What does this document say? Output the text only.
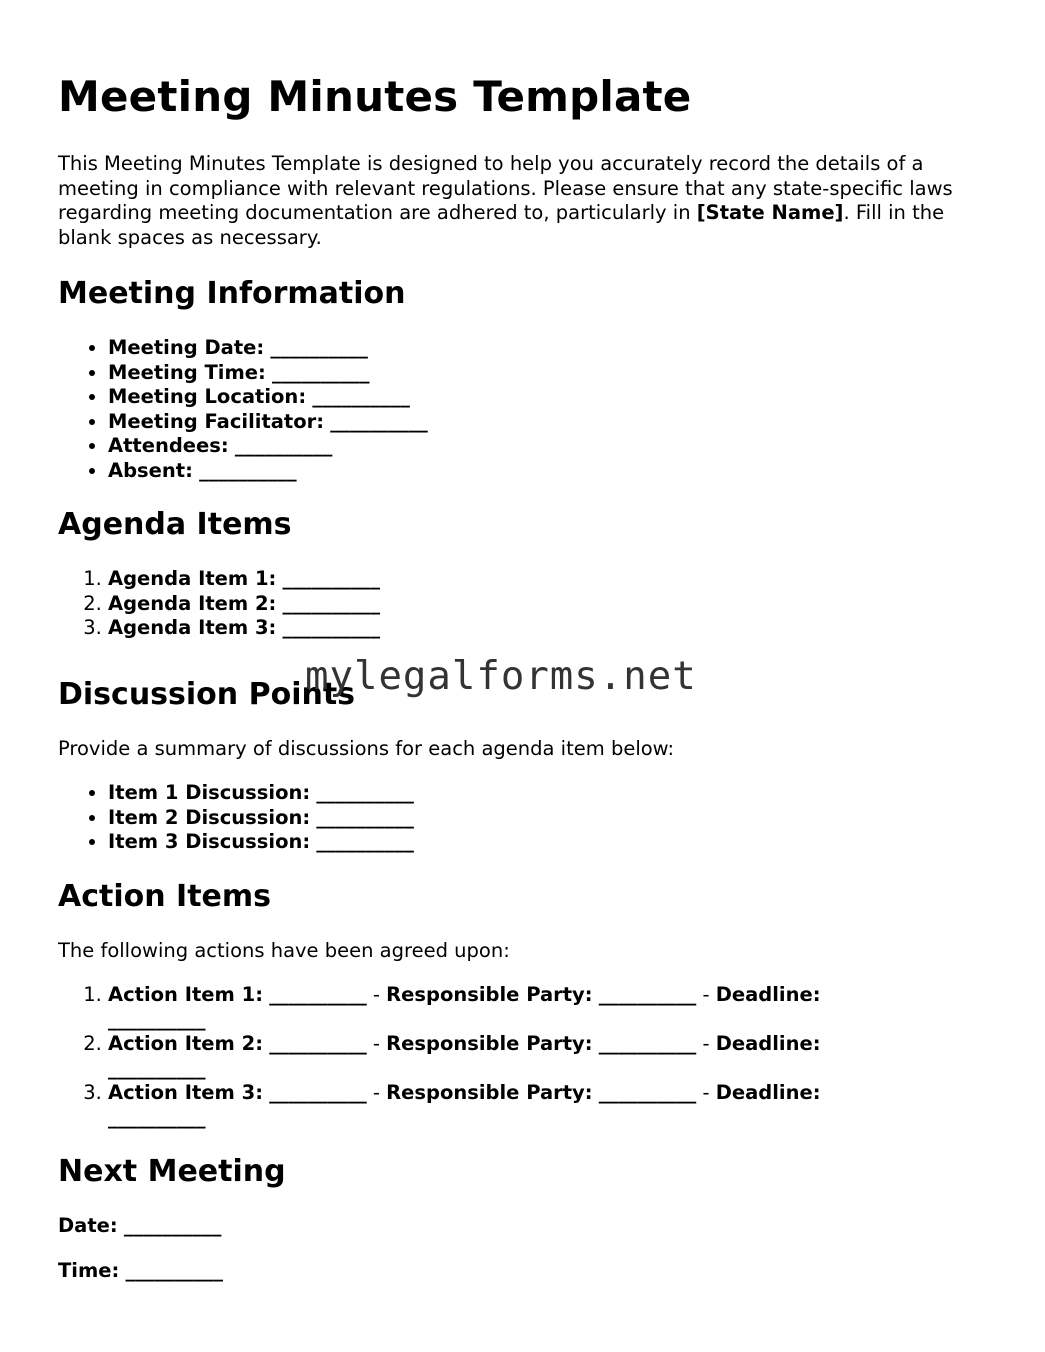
Meeting Minutes Template

This Meeting Minutes Template is designed to help you accurately record the details of a meeting in compliance with relevant regulations. Please ensure that any state-specific laws regarding meeting documentation are adhered to, particularly in [State Name]. Fill in the blank spaces as necessary.

Meeting Information
• Meeting Date: __________
• Meeting Time: __________
• Meeting Location: __________
• Meeting Facilitator: __________
• Attendees: __________
• Absent: __________
Agenda Items
1. Agenda Item 1: __________
2. Agenda Item 2: __________
3. Agenda Item 3: __________
Discussion Points

Provide a summary of discussions for each agenda item below:

• Item 1 Discussion: __________
• Item 2 Discussion: __________
• Item 3 Discussion: __________
Action Items

The following actions have been agreed upon:

1. Action Item 1: __________ - Responsible Party: __________ - Deadline:
__________
2. Action Item 2: __________ - Responsible Party: __________ - Deadline:
__________
3. Action Item 3: __________ - Responsible Party: __________ - Deadline:
__________
Next Meeting

Date: __________

Time: __________

mylegalforms.net
